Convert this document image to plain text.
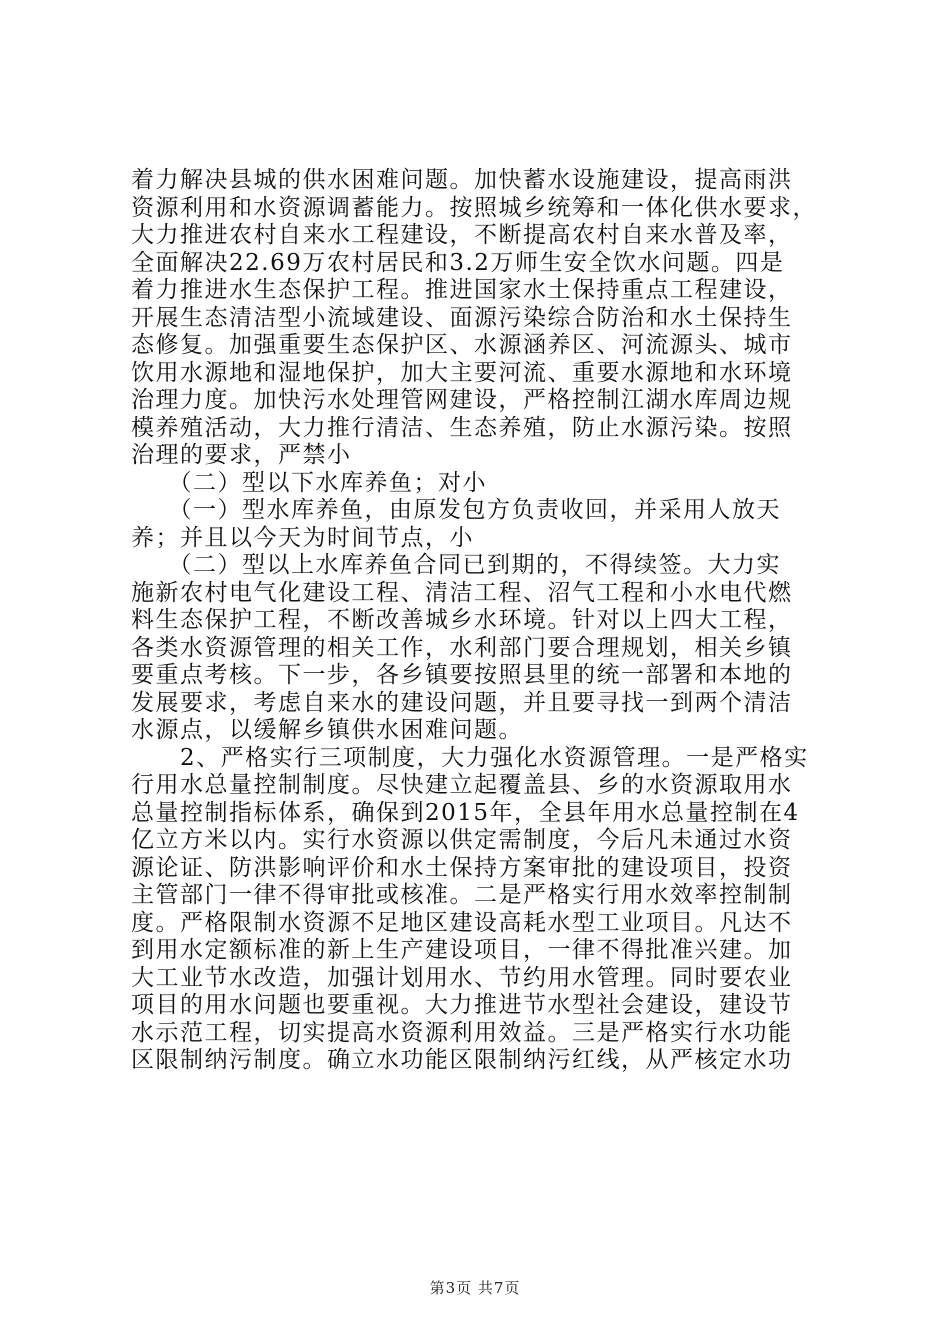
着力解决县城的供水困难问题。加快蓄水设施建设，提高雨洪
资源利用和水资源调蓄能力。按照城乡统筹和一体化供水要求，
大力推进农村自来水工程建设，不断提高农村自来水普及率，
全面解决22.69万农村居民和3.2万师生安全饮水问题。四是
着力推进水生态保护工程。推进国家水土保持重点工程建设，
开展生态清洁型小流域建设、面源污染综合防治和水土保持生
态修复。加强重要生态保护区、水源涵养区、河流源头、城市
饮用水源地和湿地保护，加大主要河流、重要水源地和水环境
治理力度。加快污水处理管网建设，严格控制江湖水库周边规
模养殖活动，大力推行清洁、生态养殖，防止水源污染。按照
治理的要求，严禁小
　　（二）型以下水库养鱼；对小
　　（一）型水库养鱼，由原发包方负责收回，并采用人放天
养；并且以今天为时间节点，小
　　（二）型以上水库养鱼合同已到期的，不得续签。大力实
施新农村电气化建设工程、清洁工程、沼气工程和小水电代燃
料生态保护工程，不断改善城乡水环境。针对以上四大工程，
各类水资源管理的相关工作，水利部门要合理规划，相关乡镇
要重点考核。下一步，各乡镇要按照县里的统一部署和本地的
发展要求，考虑自来水的建设问题，并且要寻找一到两个清洁
水源点，以缓解乡镇供水困难问题。
　　2、严格实行三项制度，大力强化水资源管理。一是严格实
行用水总量控制制度。尽快建立起覆盖县、乡的水资源取用水
总量控制指标体系，确保到2015年，全县年用水总量控制在4
亿立方米以内。实行水资源以供定需制度，今后凡未通过水资
源论证、防洪影响评价和水土保持方案审批的建设项目，投资
主管部门一律不得审批或核准。二是严格实行用水效率控制制
度。严格限制水资源不足地区建设高耗水型工业项目。凡达不
到用水定额标准的新上生产建设项目，一律不得批准兴建。加
大工业节水改造，加强计划用水、节约用水管理。同时要农业
项目的用水问题也要重视。大力推进节水型社会建设，建设节
水示范工程，切实提高水资源利用效益。三是严格实行水功能
区限制纳污制度。确立水功能区限制纳污红线，从严核定水功
第3页 共7页
